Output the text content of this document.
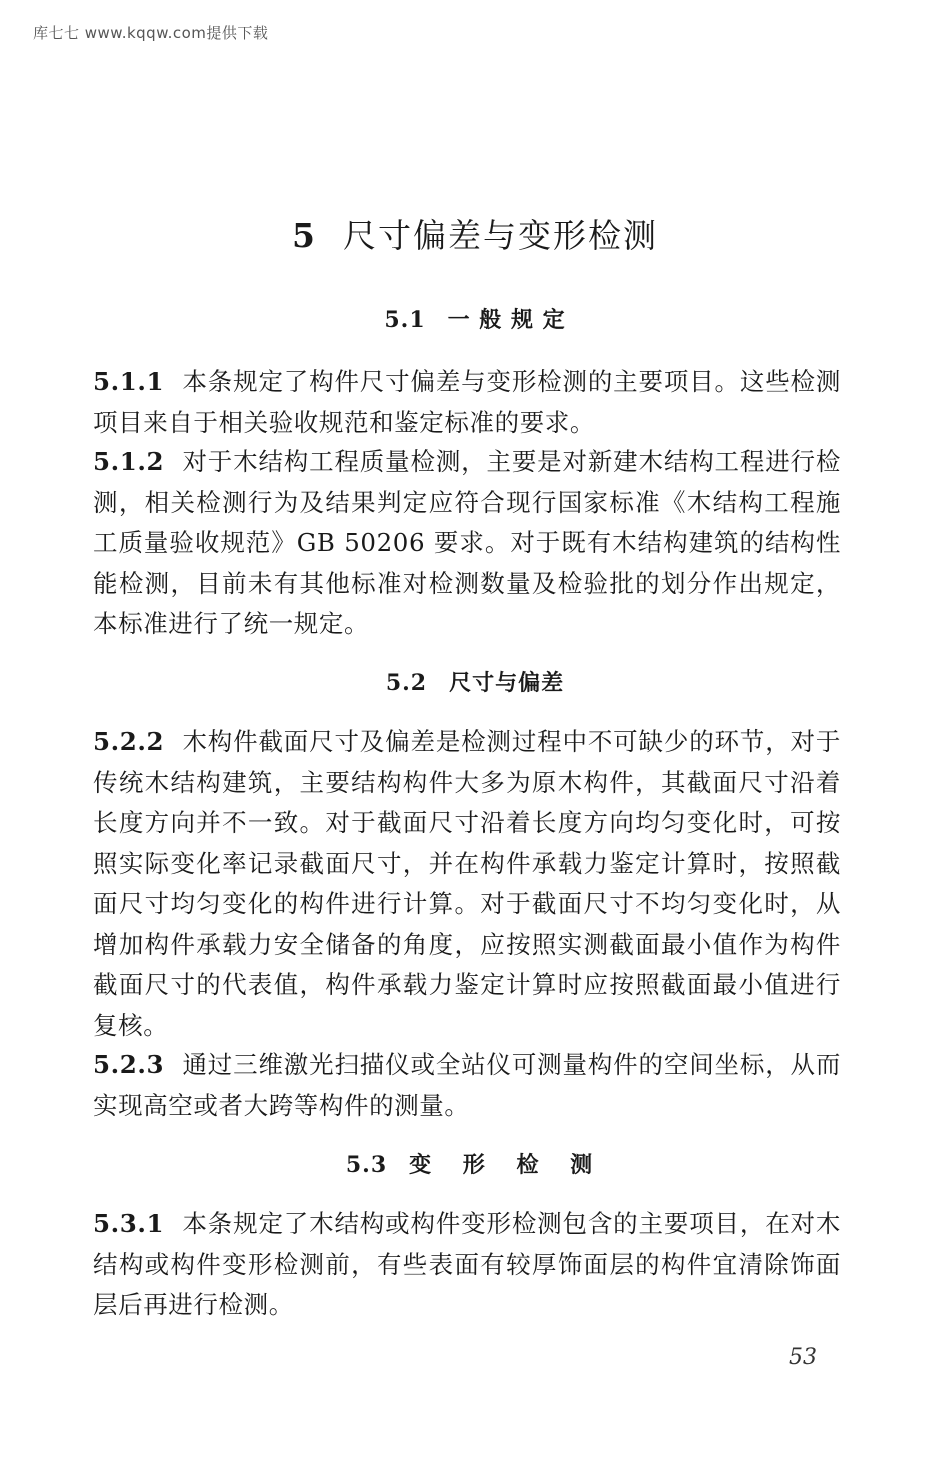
库七七 www.kqqw.com提供下载
5 尺寸偏差与变形检测
5.1 一 般 规 定

5.1.1 本条规定了构件尺寸偏差与变形检测的主要项目。这些检测项目来自于相关验收规范和鉴定标准的要求。

5.1.2 对于木结构工程质量检测，主要是对新建木结构工程进行检测，相关检测行为及结果判定应符合现行国家标准《木结构工程施工质量验收规范》GB 50206 要求。对于既有木结构建筑的结构性能检测，目前未有其他标准对检测数量及检验批的划分作出规定，本标准进行了统一规定。

5.2 尺寸与偏差

5.2.2 木构件截面尺寸及偏差是检测过程中不可缺少的环节，对于传统木结构建筑，主要结构构件大多为原木构件，其截面尺寸沿着长度方向并不一致。对于截面尺寸沿着长度方向均匀变化时，可按照实际变化率记录截面尺寸，并在构件承载力鉴定计算时，按照截面尺寸均匀变化的构件进行计算。对于截面尺寸不均匀变化时，从增加构件承载力安全储备的角度，应按照实测截面最小值作为构件截面尺寸的代表值，构件承载力鉴定计算时应按照截面最小值进行复核。

5.2.3 通过三维激光扫描仪或全站仪可测量构件的空间坐标，从而实现高空或者大跨等构件的测量。

5.3 变 形 检 测

5.3.1 本条规定了木结构或构件变形检测包含的主要项目，在对木结构或构件变形检测前，有些表面有较厚饰面层的构件宜清除饰面层后再进行检测。

53
